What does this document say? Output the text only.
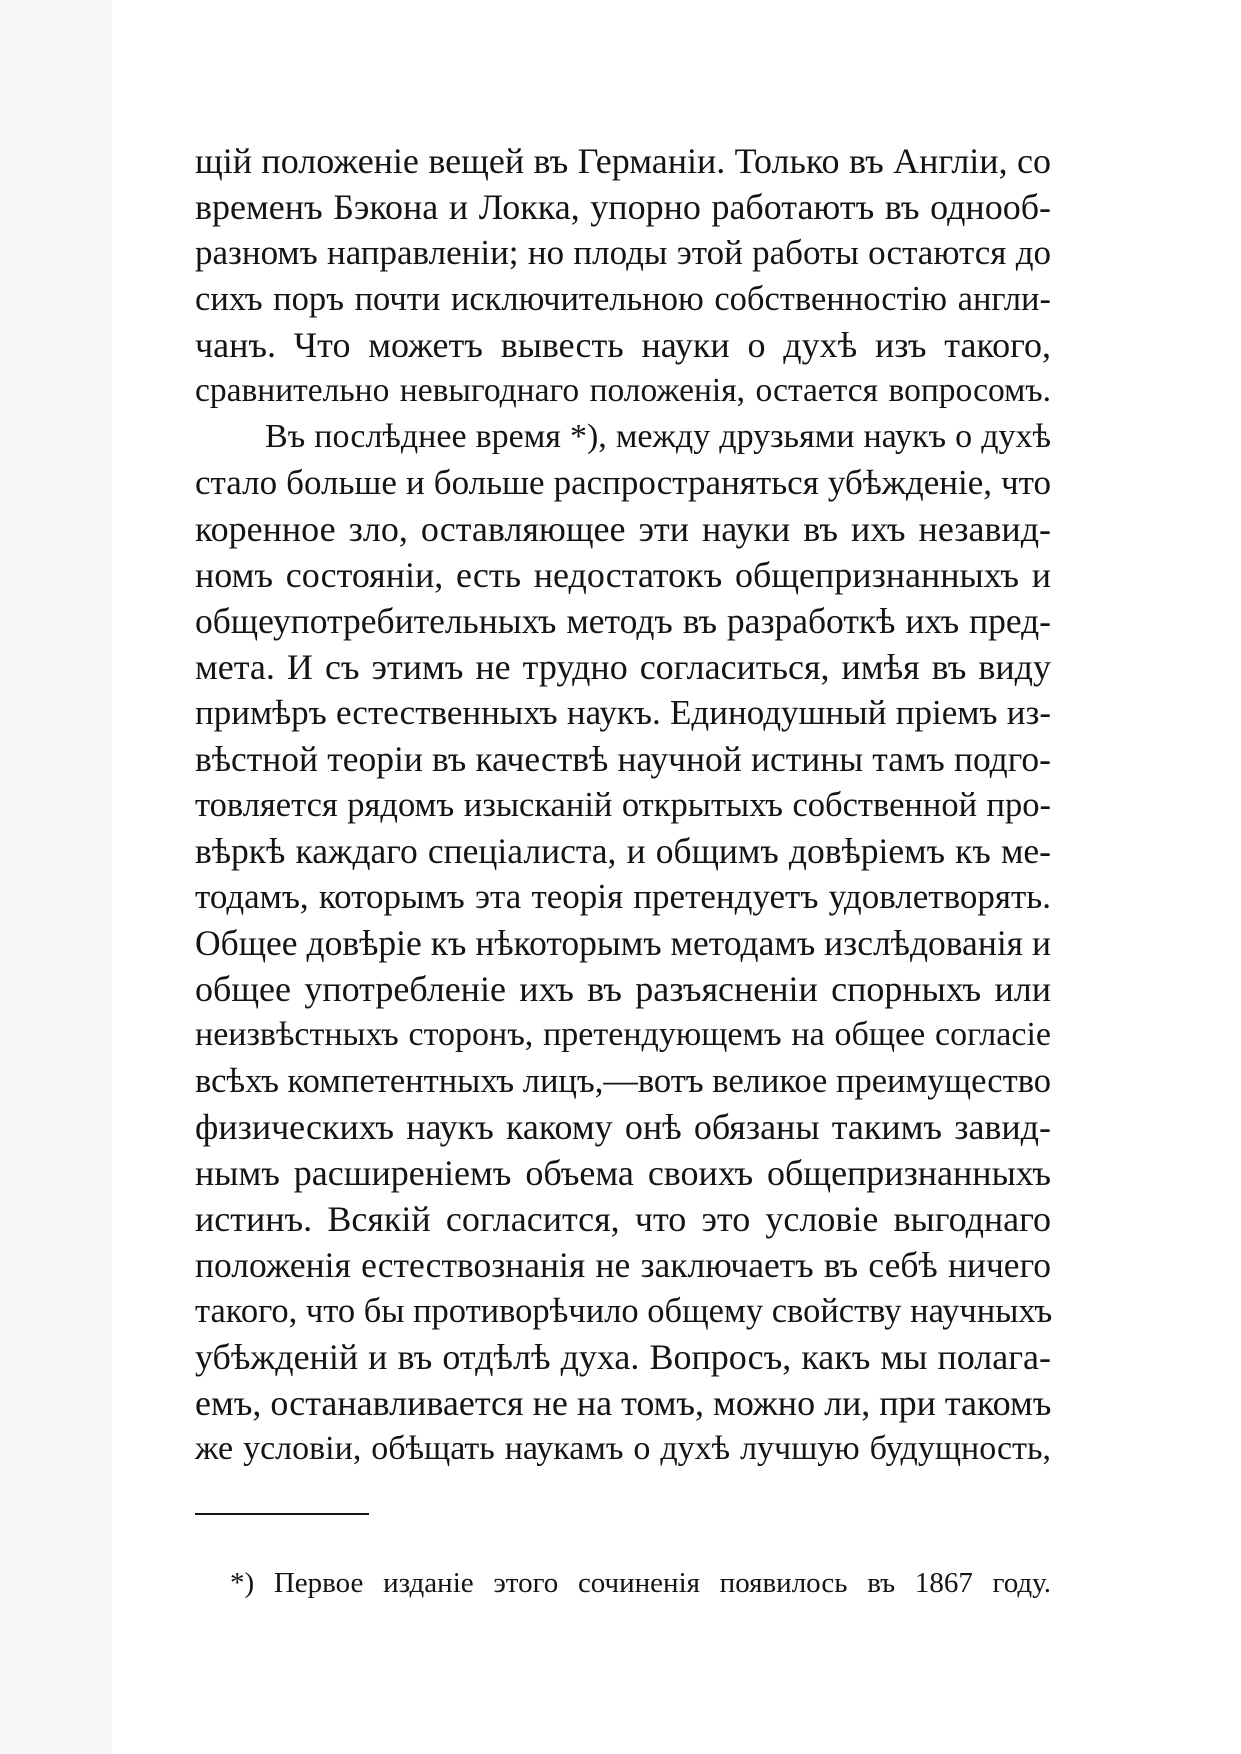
щій положеніе вещей въ Германіи. Только въ Англіи, со
временъ Бэкона и Локка, упорно работаютъ въ однооб-
разномъ направленіи; но плоды этой работы остаются до
сихъ поръ почти исключительною собственностію англи-
чанъ. Что можетъ вывесть науки о духѣ изъ такого,
сравнительно невыгоднаго положенія, остается вопросомъ.
Въ послѣднее время *), между друзьями наукъ о духѣ
стало больше и больше распространяться убѣжденіе, что
коренное зло, оставляющее эти науки въ ихъ незавид-
номъ состояніи, есть недостатокъ общепризнанныхъ и
общеупотребительныхъ методъ въ разработкѣ ихъ пред-
мета. И съ этимъ не трудно согласиться, имѣя въ виду
примѣръ естественныхъ наукъ. Единодушный пріемъ из-
вѣстной теоріи въ качествѣ научной истины тамъ подго-
товляется рядомъ изысканій открытыхъ собственной про-
вѣркѣ каждаго спеціалиста, и общимъ довѣріемъ къ ме-
тодамъ, которымъ эта теорія претендуетъ удовлетворять.
Общее довѣріе къ нѣкоторымъ методамъ изслѣдованія и
общее употребленіе ихъ въ разъясненіи спорныхъ или
неизвѣстныхъ сторонъ, претендующемъ на общее согласіе
всѣхъ компетентныхъ лицъ,—вотъ великое преимущество
физическихъ наукъ какому онѣ обязаны такимъ завид-
нымъ расширеніемъ объема своихъ общепризнанныхъ
истинъ. Всякій согласится, что это условіе выгоднаго
положенія естествознанія не заключаетъ въ себѣ ничего
такого, что бы противорѣчило общему свойству научныхъ
убѣжденій и въ отдѣлѣ духа. Вопросъ, какъ мы полага-
емъ, останавливается не на томъ, можно ли, при такомъ
же условіи, обѣщать наукамъ о духѣ лучшую будущность,
*) Первое изданіе этого сочиненія появилось въ 1867 году.
